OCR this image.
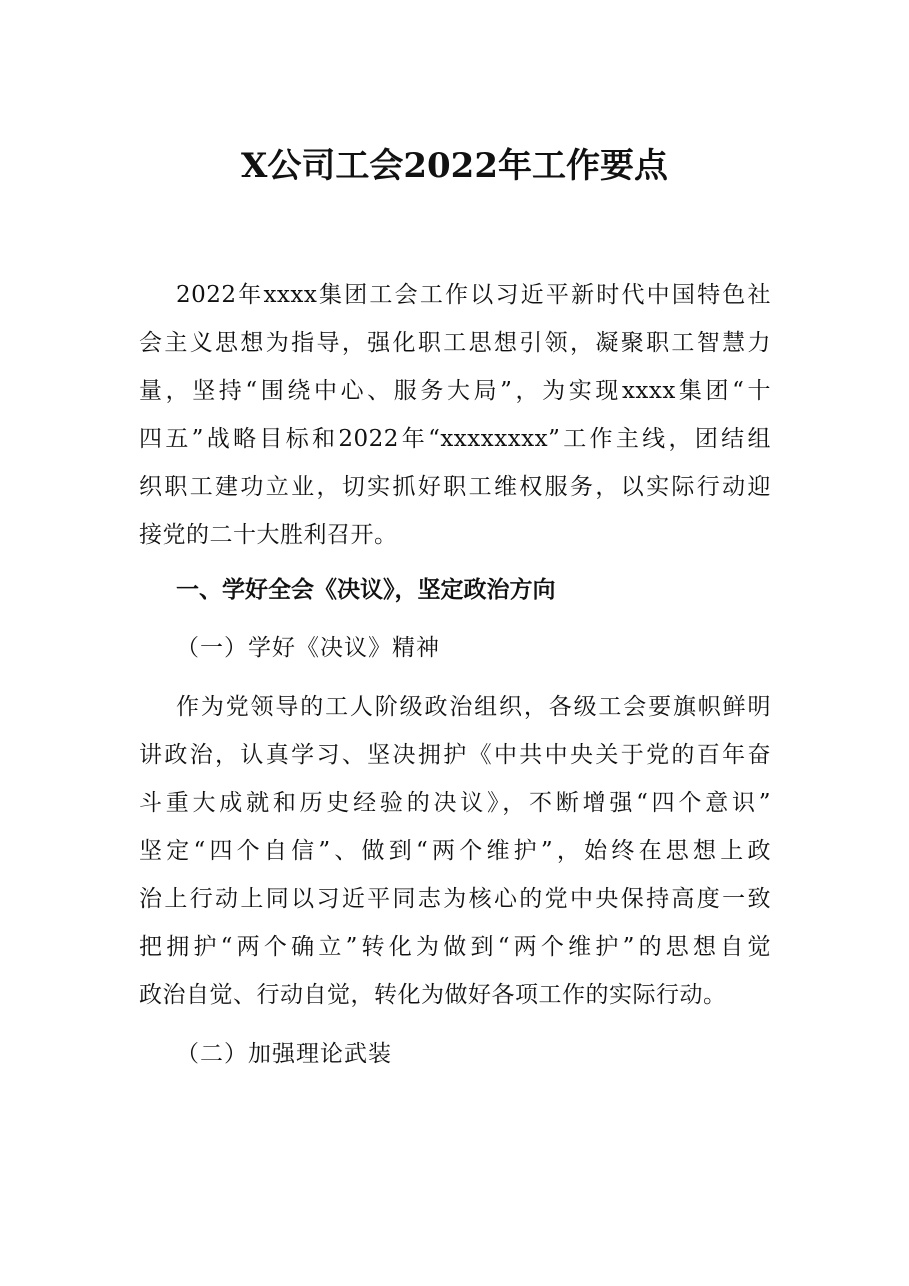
X公司工会2022年工作要点
2022年xxxx集团工会工作以习近平新时代中国特色社
会主义思想为指导，强化职工思想引领，凝聚职工智慧力
量，坚持“围绕中心、服务大局”，为实现xxxx集团“十
四五”战略目标和2022年“xxxxxxxx”工作主线，团结组
织职工建功立业，切实抓好职工维权服务，以实际行动迎
接党的二十大胜利召开。
一、学好全会《决议》，坚定政治方向
（一）学好《决议》精神
作为党领导的工人阶级政治组织，各级工会要旗帜鲜明
讲政治，认真学习、坚决拥护《中共中央关于党的百年奋
斗重大成就和历史经验的决议》，不断增强“四个意识”
坚定“四个自信”、做到“两个维护”，始终在思想上政
治上行动上同以习近平同志为核心的党中央保持高度一致
把拥护“两个确立”转化为做到“两个维护”的思想自觉
政治自觉、行动自觉，转化为做好各项工作的实际行动。
（二）加强理论武装
